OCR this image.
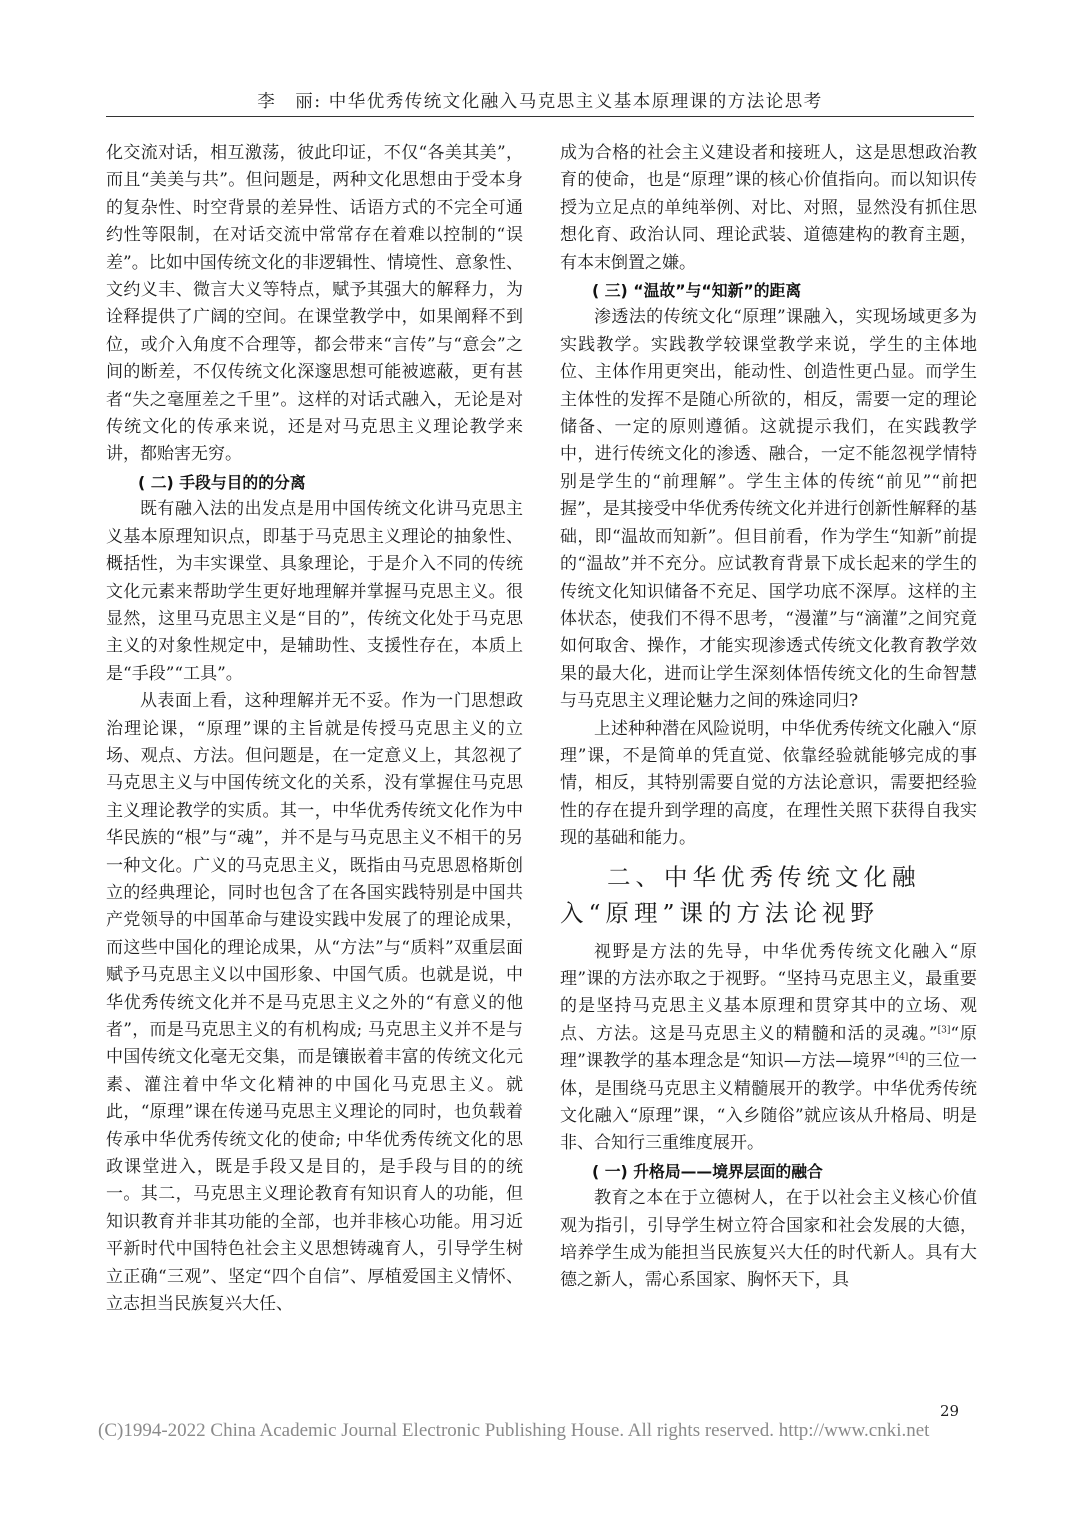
李　丽: 中华优秀传统文化融入马克思主义基本原理课的方法论思考

化交流对话，相互激荡，彼此印证，不仅“各美其美”，而且“美美与共”。但问题是，两种文化思想由于受本身的复杂性、时空背景的差异性、话语方式的不完全可通约性等限制，在对话交流中常常存在着难以控制的“误差”。比如中国传统文化的非逻辑性、情境性、意象性、文约义丰、微言大义等特点，赋予其强大的解释力，为诠释提供了广阔的空间。在课堂教学中，如果阐释不到位，或介入角度不合理等，都会带来“言传”与“意会”之间的断差，不仅传统文化深邃思想可能被遮蔽，更有甚者“失之毫厘差之千里”。这样的对话式融入，无论是对传统文化的传承来说，还是对马克思主义理论教学来讲，都贻害无穷。

( 二) 手段与目的的分离

既有融入法的出发点是用中国传统文化讲马克思主义基本原理知识点，即基于马克思主义理论的抽象性、概括性，为丰实课堂、具象理论，于是介入不同的传统文化元素来帮助学生更好地理解并掌握马克思主义。很显然，这里马克思主义是“目的”，传统文化处于马克思主义的对象性规定中，是辅助性、支援性存在，本质上是“手段”“工具”。

从表面上看，这种理解并无不妥。作为一门思想政治理论课，“原理”课的主旨就是传授马克思主义的立场、观点、方法。但问题是，在一定意义上，其忽视了马克思主义与中国传统文化的关系，没有掌握住马克思主义理论教学的实质。其一，中华优秀传统文化作为中华民族的“根”与“魂”，并不是与马克思主义不相干的另一种文化。广义的马克思主义，既指由马克思恩格斯创立的经典理论，同时也包含了在各国实践特别是中国共产党领导的中国革命与建设实践中发展了的理论成果，而这些中国化的理论成果，从“方法”与“质料”双重层面赋予马克思主义以中国形象、中国气质。也就是说，中华优秀传统文化并不是马克思主义之外的“有意义的他者”，而是马克思主义的有机构成; 马克思主义并不是与中国传统文化毫无交集，而是镶嵌着丰富的传统文化元素、灌注着中华文化精神的中国化马克思主义。就此，“原理”课在传递马克思主义理论的同时，也负载着传承中华优秀传统文化的使命; 中华优秀传统文化的思政课堂进入，既是手段又是目的，是手段与目的的统一。其二，马克思主义理论教育有知识育人的功能，但知识教育并非其功能的全部，也并非核心功能。用习近平新时代中国特色社会主义思想铸魂育人，引导学生树立正确“三观”、坚定“四个自信”、厚植爱国主义情怀、立志担当民族复兴大任、

成为合格的社会主义建设者和接班人，这是思想政治教育的使命，也是“原理”课的核心价值指向。而以知识传授为立足点的单纯举例、对比、对照，显然没有抓住思想化育、政治认同、理论武装、道德建构的教育主题，有本末倒置之嫌。

( 三) “温故”与“知新”的距离

渗透法的传统文化“原理”课融入，实现场域更多为实践教学。实践教学较课堂教学来说，学生的主体地位、主体作用更突出，能动性、创造性更凸显。而学生主体性的发挥不是随心所欲的，相反，需要一定的理论储备、一定的原则遵循。这就提示我们，在实践教学中，进行传统文化的渗透、融合，一定不能忽视学情特别是学生的“前理解”。学生主体的传统“前见”“前把握”，是其接受中华优秀传统文化并进行创新性解释的基础，即“温故而知新”。但目前看，作为学生“知新”前提的“温故”并不充分。应试教育背景下成长起来的学生的传统文化知识储备不充足、国学功底不深厚。这样的主体状态，使我们不得不思考，“漫灌”与“滴灌”之间究竟如何取舍、操作，才能实现渗透式传统文化教育教学效果的最大化，进而让学生深刻体悟传统文化的生命智慧与马克思主义理论魅力之间的殊途同归?

上述种种潜在风险说明，中华优秀传统文化融入“原理”课，不是简单的凭直觉、依靠经验就能够完成的事情，相反，其特别需要自觉的方法论意识，需要把经验性的存在提升到学理的高度，在理性关照下获得自我实现的基础和能力。

二、中华优秀传统文化融入“原理”课的方法论视野

视野是方法的先导，中华优秀传统文化融入“原理”课的方法亦取之于视野。“坚持马克思主义，最重要的是坚持马克思主义基本原理和贯穿其中的立场、观点、方法。这是马克思主义的精髓和活的灵魂。”[3]“原理”课教学的基本理念是“知识—方法—境界”[4]的三位一体，是围绕马克思主义精髓展开的教学。中华优秀传统文化融入“原理”课，“入乡随俗”就应该从升格局、明是非、合知行三重维度展开。

( 一) 升格局——境界层面的融合

教育之本在于立德树人，在于以社会主义核心价值观为指引，引导学生树立符合国家和社会发展的大德，培养学生成为能担当民族复兴大任的时代新人。具有大德之新人，需心系国家、胸怀天下，具

29
(C)1994-2022 China Academic Journal Electronic Publishing House. All rights reserved. http://www.cnki.net
